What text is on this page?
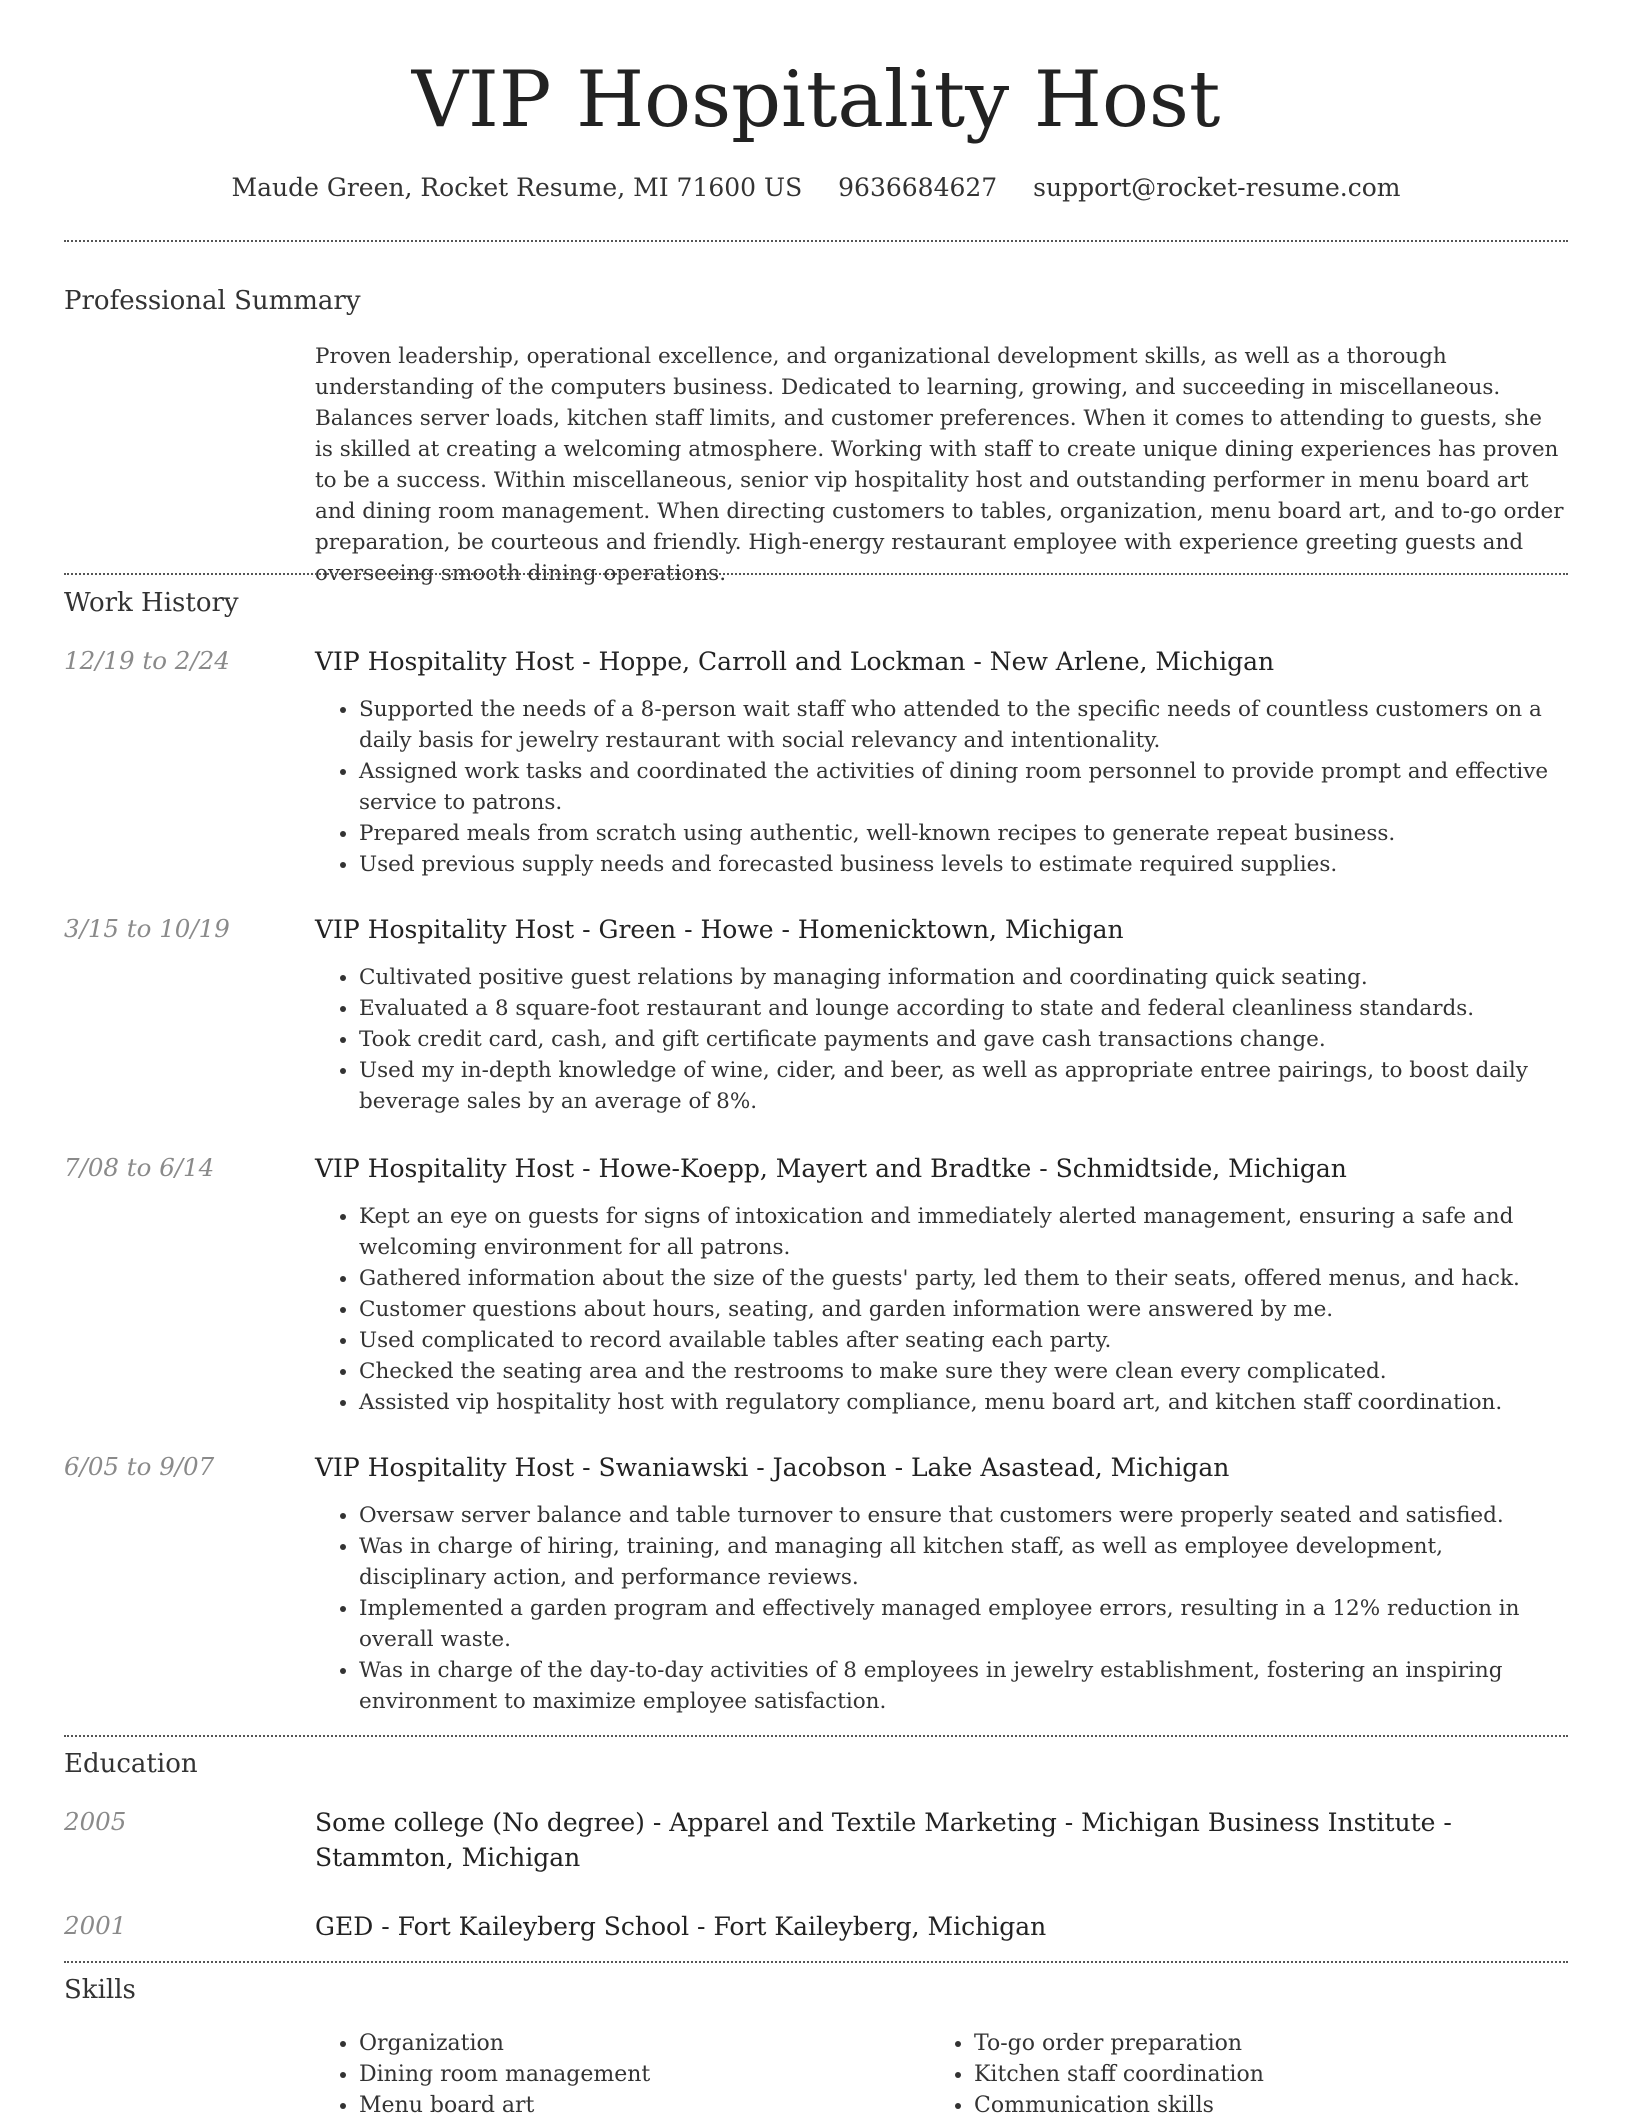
VIP Hospitality Host
Maude Green, Rocket Resume, MI 71600 US 9636684627 support@rocket-resume.com
Professional Summary
Proven leadership, operational excellence, and organizational development skills, as well as a thorough understanding of the computers business. Dedicated to learning, growing, and succeeding in miscellaneous. Balances server loads, kitchen staff limits, and customer preferences. When it comes to attending to guests, she is skilled at creating a welcoming atmosphere. Working with staff to create unique dining experiences has proven to be a success. Within miscellaneous, senior vip hospitality host and outstanding performer in menu board art and dining room management. When directing customers to tables, organization, menu board art, and to-go order preparation, be courteous and friendly. High-energy restaurant employee with experience greeting guests and overseeing smooth dining operations.
Work History
12/19 to 2/24	VIP Hospitality Host - Hoppe, Carroll and Lockman - New Arlene, Michigan
• Supported the needs of a 8-person wait staff who attended to the specific needs of countless customers on a daily basis for jewelry restaurant with social relevancy and intentionality.
• Assigned work tasks and coordinated the activities of dining room personnel to provide prompt and effective service to patrons.
• Prepared meals from scratch using authentic, well-known recipes to generate repeat business.
• Used previous supply needs and forecasted business levels to estimate required supplies.
3/15 to 10/19	VIP Hospitality Host - Green - Howe - Homenicktown, Michigan
• Cultivated positive guest relations by managing information and coordinating quick seating.
• Evaluated a 8 square-foot restaurant and lounge according to state and federal cleanliness standards.
• Took credit card, cash, and gift certificate payments and gave cash transactions change.
• Used my in-depth knowledge of wine, cider, and beer, as well as appropriate entree pairings, to boost daily beverage sales by an average of 8%.
7/08 to 6/14	VIP Hospitality Host - Howe-Koepp, Mayert and Bradtke - Schmidtside, Michigan
• Kept an eye on guests for signs of intoxication and immediately alerted management, ensuring a safe and welcoming environment for all patrons.
• Gathered information about the size of the guests' party, led them to their seats, offered menus, and hack.
• Customer questions about hours, seating, and garden information were answered by me.
• Used complicated to record available tables after seating each party.
• Checked the seating area and the restrooms to make sure they were clean every complicated.
• Assisted vip hospitality host with regulatory compliance, menu board art, and kitchen staff coordination.
6/05 to 9/07	VIP Hospitality Host - Swaniawski - Jacobson - Lake Asastead, Michigan
• Oversaw server balance and table turnover to ensure that customers were properly seated and satisfied.
• Was in charge of hiring, training, and managing all kitchen staff, as well as employee development, disciplinary action, and performance reviews.
• Implemented a garden program and effectively managed employee errors, resulting in a 12% reduction in overall waste.
• Was in charge of the day-to-day activities of 8 employees in jewelry establishment, fostering an inspiring environment to maximize employee satisfaction.
Education
2005	Some college (No degree) - Apparel and Textile Marketing - Michigan Business Institute - Stammton, Michigan
2001	GED - Fort Kaileyberg School - Fort Kaileyberg, Michigan
Skills
• Organization
• Dining room management
• Menu board art
• To-go order preparation
• Kitchen staff coordination
• Communication skills
